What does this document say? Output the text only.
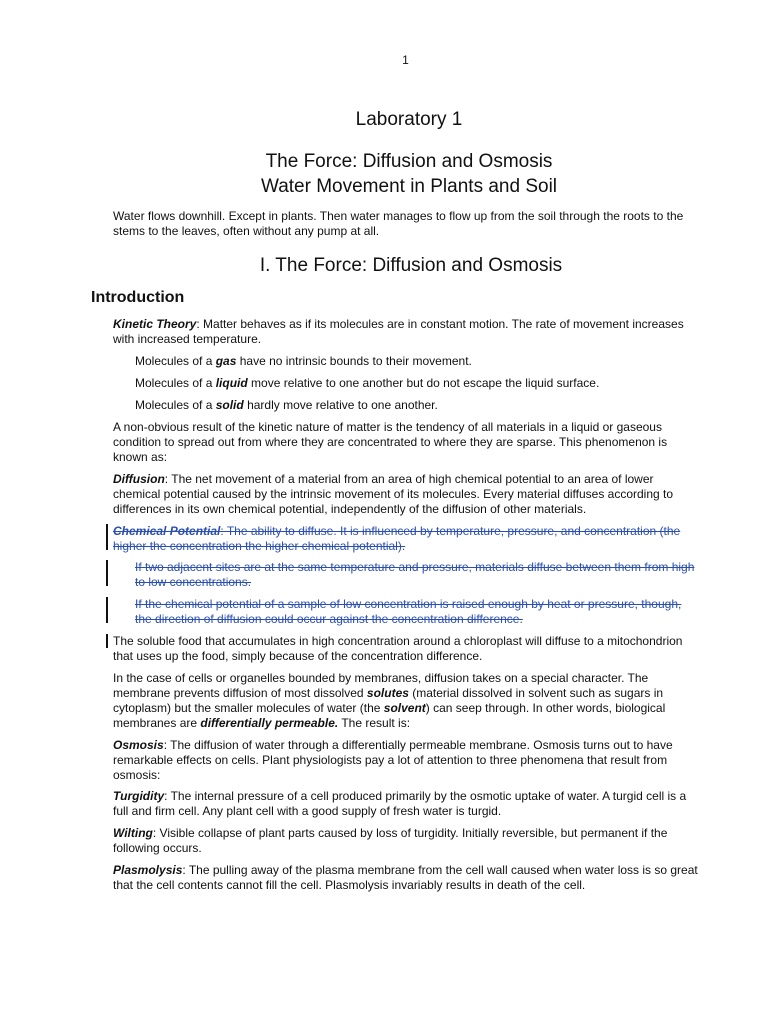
1
Laboratory 1
The Force: Diffusion and Osmosis
Water Movement in Plants and Soil
Water flows downhill. Except in plants. Then water manages to flow up from the soil through the roots to the stems to the leaves, often without any pump at all.
I. The Force: Diffusion and Osmosis
Introduction
Kinetic Theory: Matter behaves as if its molecules are in constant motion. The rate of movement increases with increased temperature.
Molecules of a gas have no intrinsic bounds to their movement.
Molecules of a liquid move relative to one another but do not escape the liquid surface.
Molecules of a solid hardly move relative to one another.
A non-obvious result of the kinetic nature of matter is the tendency of all materials in a liquid or gaseous condition to spread out from where they are concentrated to where they are sparse. This phenomenon is known as:
Diffusion: The net movement of a material from an area of high chemical potential to an area of lower chemical potential caused by the intrinsic movement of its molecules. Every material diffuses according to differences in its own chemical potential, independently of the diffusion of other materials.
Chemical Potential: The ability to diffuse. It is influenced by temperature, pressure, and concentration (the higher the concentration the higher chemical potential).
If two adjacent sites are at the same temperature and pressure, materials diffuse between them from high to low concentrations.
If the chemical potential of a sample of low concentration is raised enough by heat or pressure, though, the direction of diffusion could occur against the concentration difference.
The soluble food that accumulates in high concentration around a chloroplast will diffuse to a mitochondrion that uses up the food, simply because of the concentration difference.
In the case of cells or organelles bounded by membranes, diffusion takes on a special character. The membrane prevents diffusion of most dissolved solutes (material dissolved in solvent such as sugars in cytoplasm) but the smaller molecules of water (the solvent) can seep through. In other words, biological membranes are differentially permeable. The result is:
Osmosis: The diffusion of water through a differentially permeable membrane. Osmosis turns out to have remarkable effects on cells. Plant physiologists pay a lot of attention to three phenomena that result from osmosis:
Turgidity: The internal pressure of a cell produced primarily by the osmotic uptake of water. A turgid cell is a full and firm cell. Any plant cell with a good supply of fresh water is turgid.
Wilting: Visible collapse of plant parts caused by loss of turgidity. Initially reversible, but permanent if the following occurs.
Plasmolysis: The pulling away of the plasma membrane from the cell wall caused when water loss is so great that the cell contents cannot fill the cell. Plasmolysis invariably results in death of the cell.
